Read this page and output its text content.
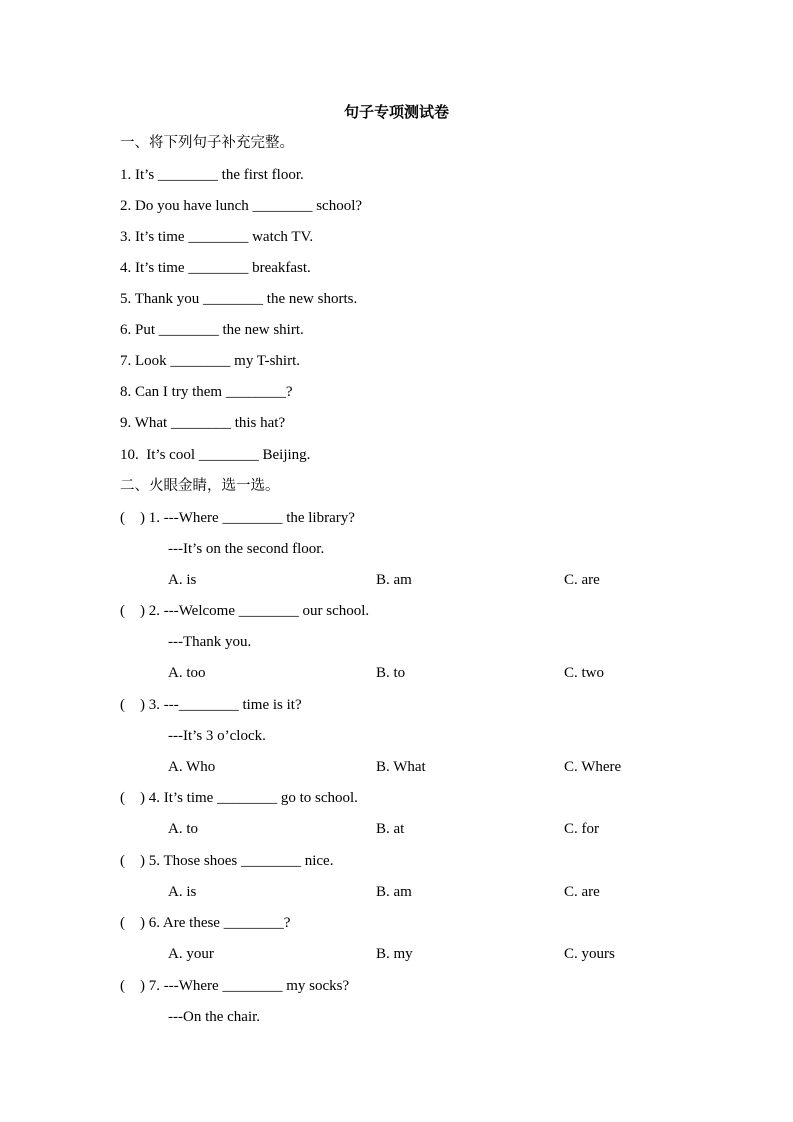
句子专项测试卷
一、将下列句子补充完整。
1. It’s ________ the first floor.
2. Do you have lunch ________ school?
3. It’s time ________ watch TV.
4. It’s time ________ breakfast.
5. Thank you ________ the new shorts.
6. Put ________ the new shirt.
7. Look ________ my T-shirt.
8. Can I try them ________?
9. What ________ this hat?
10.  It’s cool ________ Beijing.
二、火眼金睛，选一选。
(    ) 1. ---Where ________ the library?
---It’s on the second floor.
A. is	B. am	C. are
(    ) 2. ---Welcome ________ our school.
---Thank you.
A. too	B. to	C. two
(    ) 3. ---________ time is it?
---It’s 3 o’clock.
A. Who	B. What	C. Where
(    ) 4. It’s time ________ go to school.
A. to	B. at	C. for
(    ) 5. Those shoes ________ nice.
A. is	B. am	C. are
(    ) 6. Are these ________?
A. your	B. my	C. yours
(    ) 7. ---Where ________ my socks?
---On the chair.
